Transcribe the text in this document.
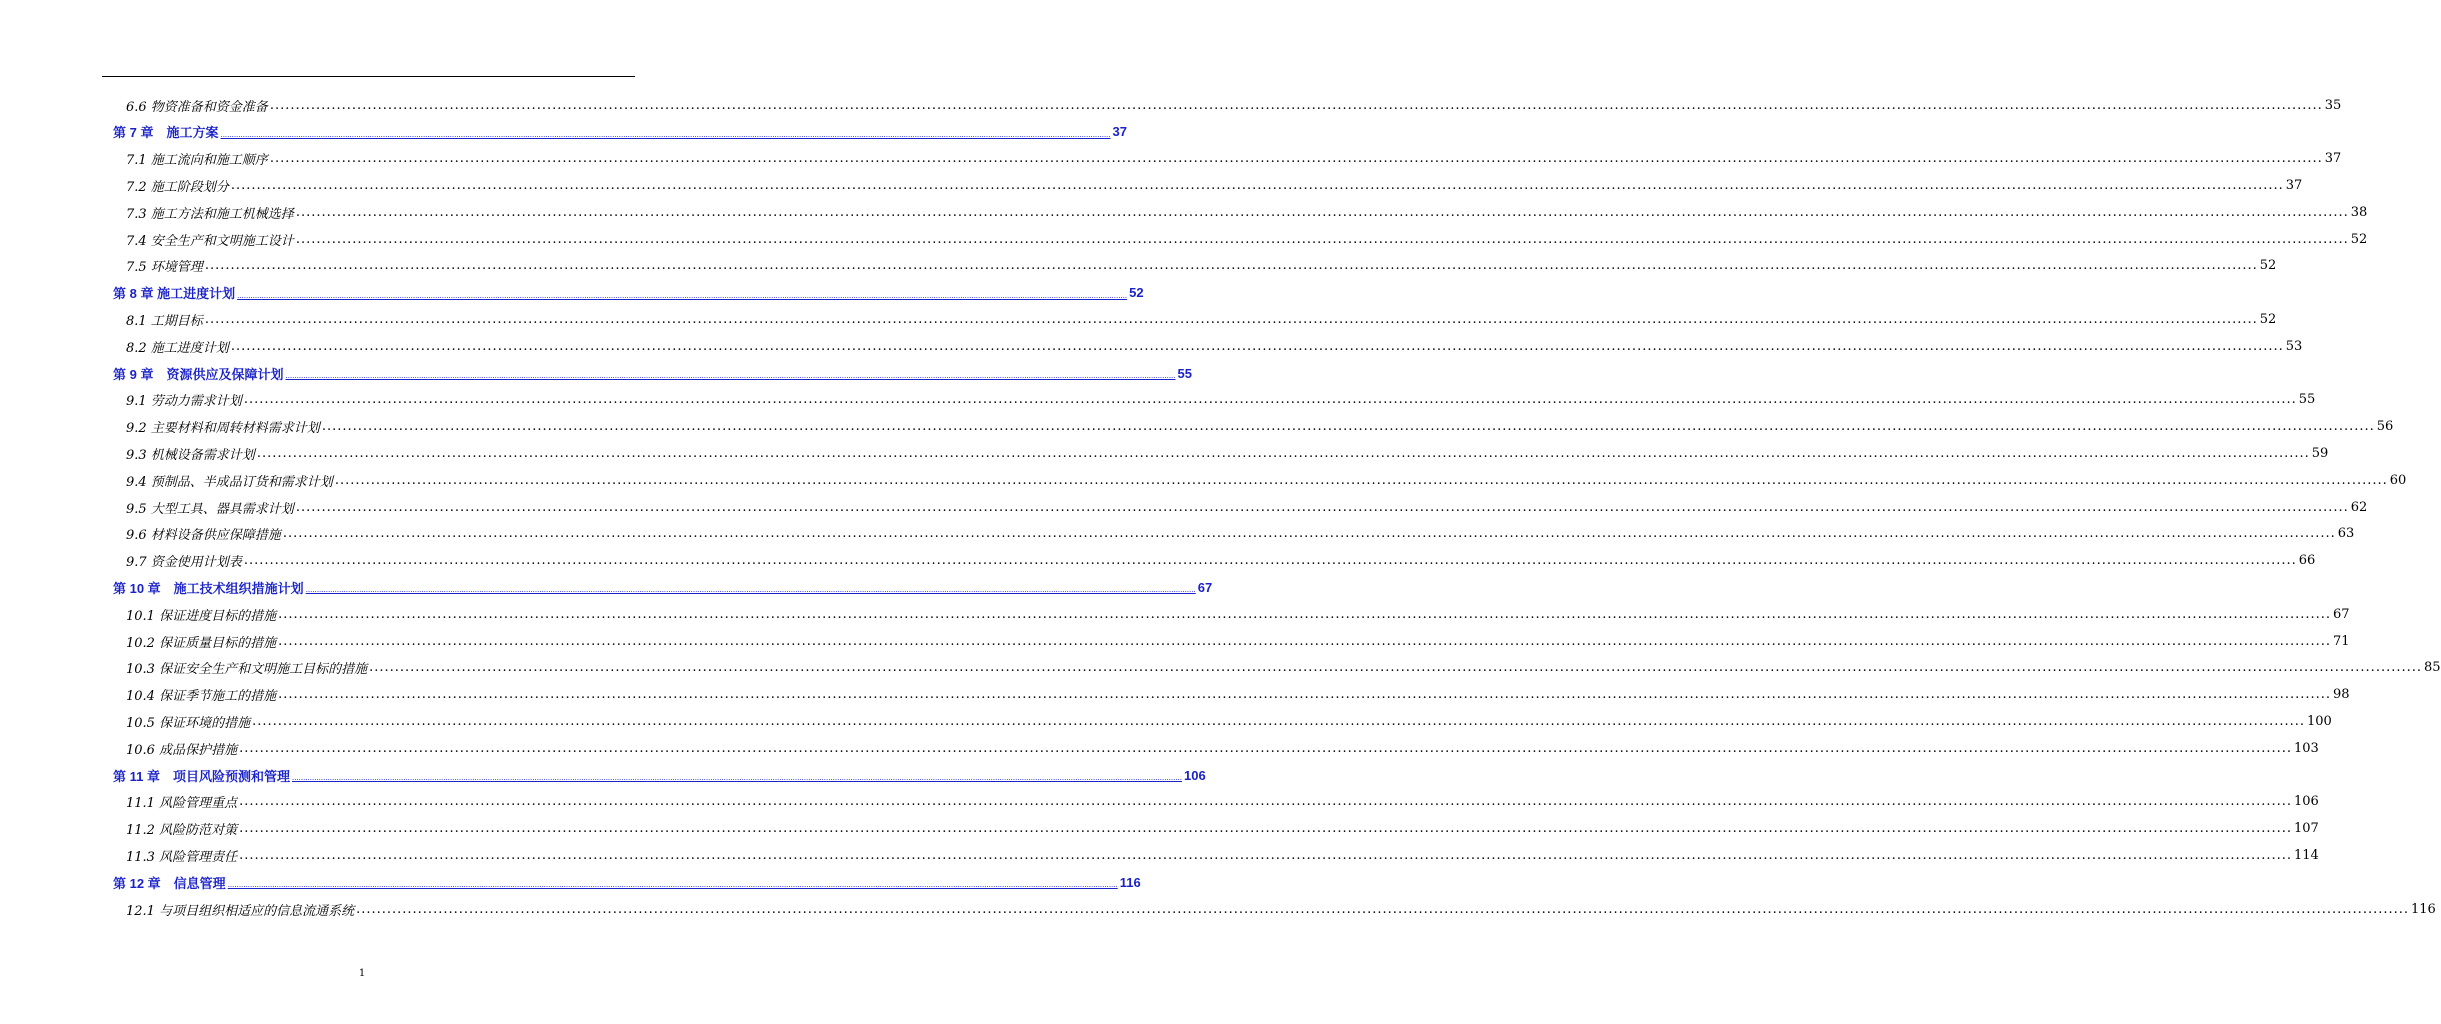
6.6 物资准备和资金准备 ................................................................................................................................................................................................................................................................................................................................................................................................................ 35
第 7 章　施工方案 ................................................................................................................................................................................................................................................................................................................................................................................................................ 37
7.1 施工流向和施工顺序 ................................................................................................................................................................................................................................................................................................................................................................................................................ 37
7.2 施工阶段划分 ................................................................................................................................................................................................................................................................................................................................................................................................................ 37
7.3 施工方法和施工机械选择 ................................................................................................................................................................................................................................................................................................................................................................................................................ 38
7.4 安全生产和文明施工设计 ................................................................................................................................................................................................................................................................................................................................................................................................................ 52
7.5 环境管理 ................................................................................................................................................................................................................................................................................................................................................................................................................ 52
第 8 章 施工进度计划 ................................................................................................................................................................................................................................................................................................................................................................................................................ 52
8.1 工期目标 ................................................................................................................................................................................................................................................................................................................................................................................................................ 52
8.2 施工进度计划 ................................................................................................................................................................................................................................................................................................................................................................................................................ 53
第 9 章　资源供应及保障计划 ................................................................................................................................................................................................................................................................................................................................................................................................................ 55
9.1 劳动力需求计划 ................................................................................................................................................................................................................................................................................................................................................................................................................ 55
9.2 主要材料和周转材料需求计划 ................................................................................................................................................................................................................................................................................................................................................................................................................ 56
9.3 机械设备需求计划 ................................................................................................................................................................................................................................................................................................................................................................................................................ 59
9.4 预制品、半成品订货和需求计划 ................................................................................................................................................................................................................................................................................................................................................................................................................ 60
9.5 大型工具、器具需求计划 ................................................................................................................................................................................................................................................................................................................................................................................................................ 62
9.6 材料设备供应保障措施 ................................................................................................................................................................................................................................................................................................................................................................................................................ 63
9.7 资金使用计划表 ................................................................................................................................................................................................................................................................................................................................................................................................................ 66
第 10 章　施工技术组织措施计划 ................................................................................................................................................................................................................................................................................................................................................................................................................ 67
10.1 保证进度目标的措施 ................................................................................................................................................................................................................................................................................................................................................................................................................ 67
10.2 保证质量目标的措施 ................................................................................................................................................................................................................................................................................................................................................................................................................ 71
10.3 保证安全生产和文明施工目标的措施 ................................................................................................................................................................................................................................................................................................................................................................................................................ 85
10.4 保证季节施工的措施 ................................................................................................................................................................................................................................................................................................................................................................................................................ 98
10.5 保证环境的措施 ................................................................................................................................................................................................................................................................................................................................................................................................................ 100
10.6 成品保护措施 ................................................................................................................................................................................................................................................................................................................................................................................................................ 103
第 11 章　项目风险预测和管理 ................................................................................................................................................................................................................................................................................................................................................................................................................ 106
11.1 风险管理重点 ................................................................................................................................................................................................................................................................................................................................................................................................................ 106
11.2 风险防范对策 ................................................................................................................................................................................................................................................................................................................................................................................................................ 107
11.3 风险管理责任 ................................................................................................................................................................................................................................................................................................................................................................................................................ 114
第 12 章　信息管理 ................................................................................................................................................................................................................................................................................................................................................................................................................ 116
12.1 与项目组织相适应的信息流通系统 ................................................................................................................................................................................................................................................................................................................................................................................................................ 116
1
